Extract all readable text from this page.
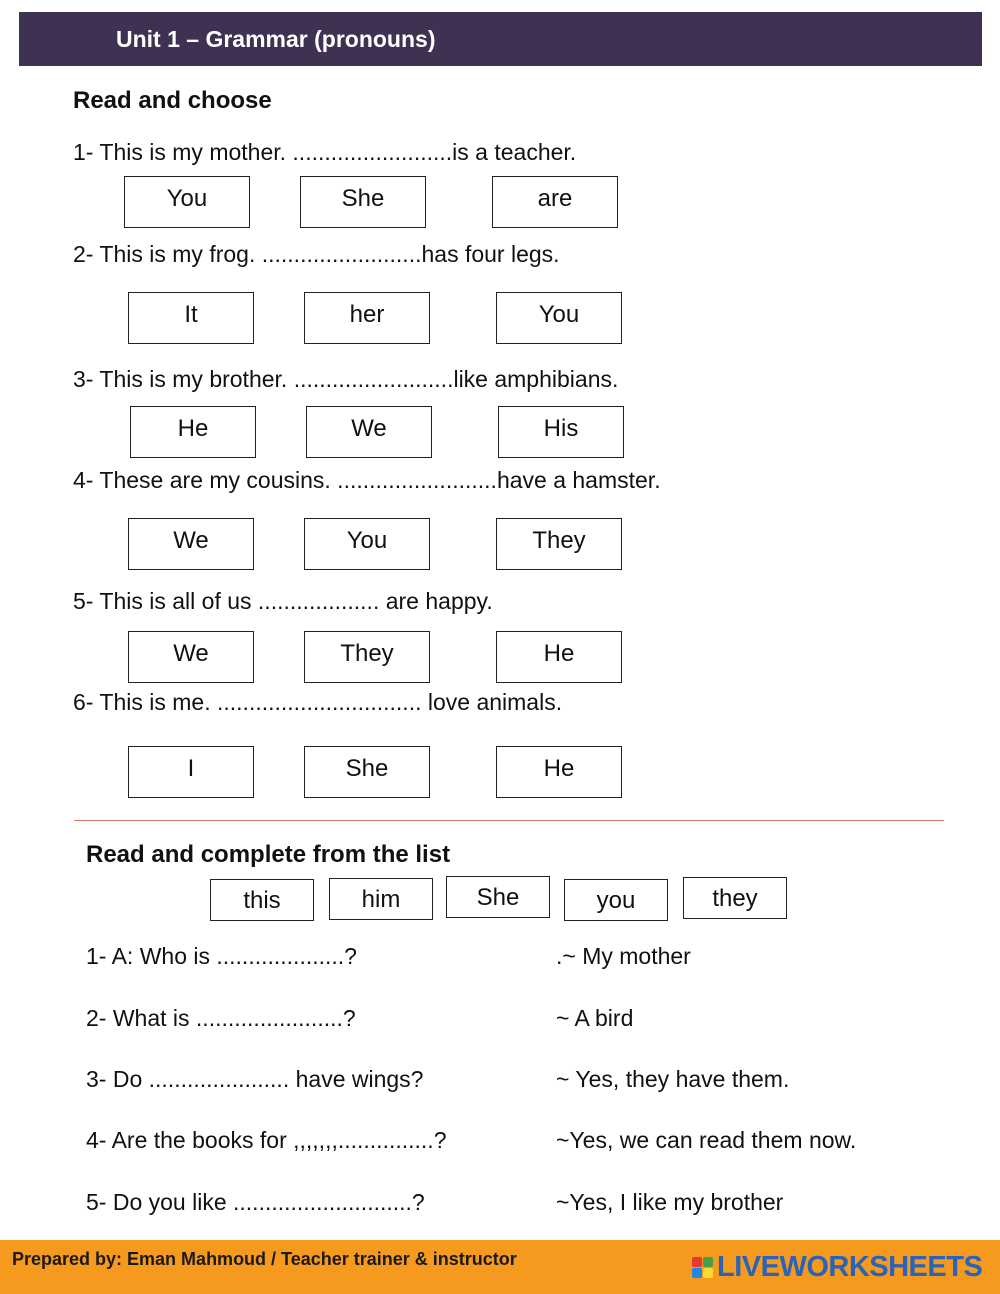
Unit 1 – Grammar (pronouns)
Read and choose
1- This is my mother. .........................is a teacher.
You	She	are
2- This is my frog. .........................has four legs.
It	her	You
3- This is my brother. .........................like amphibians.
He	We	His
4- These are my cousins. .........................have a hamster.
We	You	They
5- This is all of us ................... are happy.
We	They	He
6- This is me. ................................ love animals.
I	She	He
Read and complete from the list
this	him	She	you	they
1- A: Who is ....................?	.~ My mother
2- What is .......................?	~ A bird
3- Do ...................... have wings?	~ Yes, they have them.
4- Are the books for ,,,,,,,...............?	~Yes, we can read them now.
5- Do you like ............................?	~Yes, I like my brother
Prepared by: Eman Mahmoud / Teacher trainer & instructor	LIVEWORKSHEETS
